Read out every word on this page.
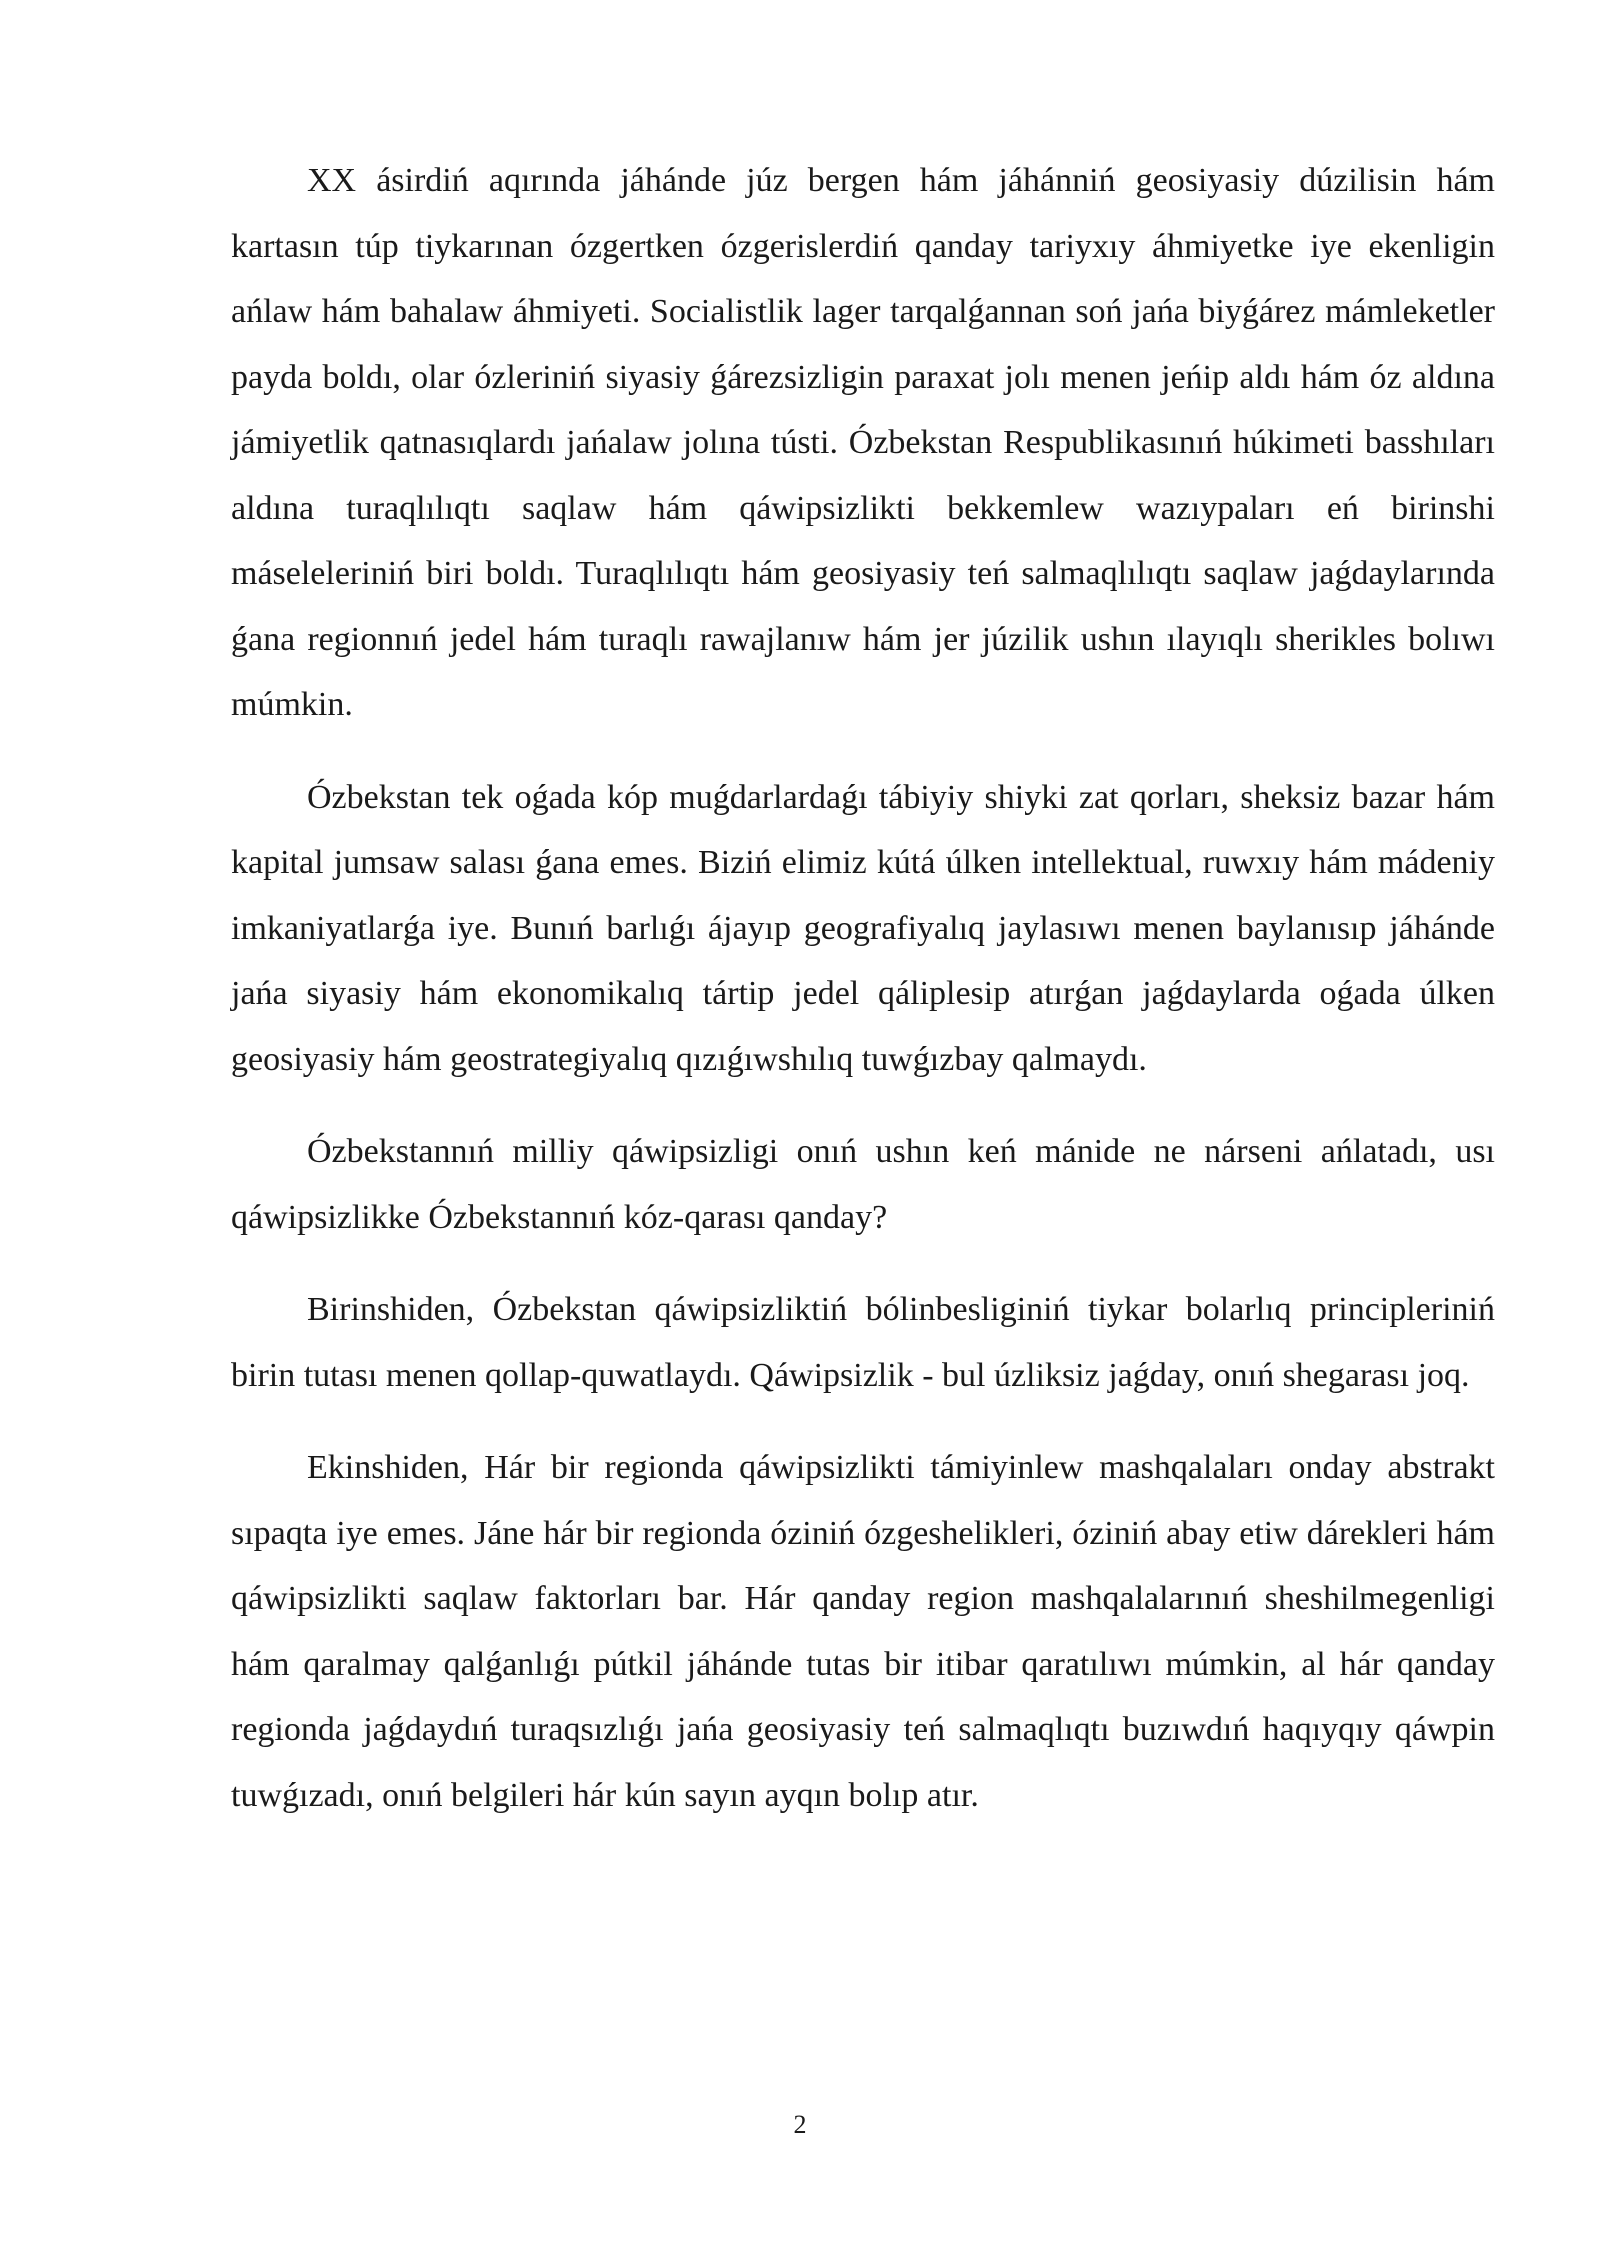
XX ásirdiń aqırında jáhánde júz bergen hám jáhánniń geosiyasiy dúzilisin hám kartasın túp tiykarınan ózgertken ózgerislerdiń qanday tariyxıy áhmiyetke iye ekenligin ańlaw hám bahalaw áhmiyeti. Socialistlik lager tarqalǵannan soń jańa biyǵárez mámleketler payda boldı, olar ózleriniń siyasiy ǵárezsizligin paraxat jolı menen jeńip aldı hám óz aldına jámiyetlik qatnasıqlardı jańalaw jolına tústi. Ózbekstan Respublikasınıń húkimeti basshıları aldına turaqlılıqtı saqlaw hám qáwipsizlikti bekkemlew wazıypaları eń birinshi máseleleriniń biri boldı. Turaqlılıqtı hám geosiyasiy teń salmaqlılıqtı saqlaw jaǵdaylarında ǵana regionnıń jedel hám turaqlı rawajlanıw hám jer júzilik ushın ılayıqlı sherikles bolıwı múmkin.

Ózbekstan tek oǵada kóp muǵdarlardaǵı tábiyiy shiyki zat qorları, sheksiz bazar hám kapital jumsaw salası ǵana emes. Biziń elimiz kútá úlken intellektual, ruwxıy hám mádeniy imkaniyatlarǵa iye. Bunıń barlıǵı ájayıp geografiyalıq jaylasıwı menen baylanısıp jáhánde jańa siyasiy hám ekonomikalıq tártip jedel qáliplesip atırǵan jaǵdaylarda oǵada úlken geosiyasiy hám geostrategiyalıq qızıǵıwshılıq tuwǵızbay qalmaydı.

Ózbekstannıń milliy qáwipsizligi onıń ushın keń mánide ne nárseni ańlatadı, usı qáwipsizlikke Ózbekstannıń kóz-qarası qanday?

Birinshiden, Ózbekstan qáwipsizliktiń bólinbesliginiń tiykar bolarlıq principleriniń birin tutası menen qollap-quwatlaydı. Qáwipsizlik - bul úzliksiz jaǵday, onıń shegarası joq.

Ekinshiden, Hár bir regionda qáwipsizlikti támiyinlew mashqalaları onday abstrakt sıpaqta iye emes. Jáne hár bir regionda óziniń ózgeshelikleri, óziniń abay etiw dárekleri hám qáwipsizlikti saqlaw faktorları bar. Hár qanday region mashqalalarınıń sheshilmegenligi hám qaralmay qalǵanlıǵı pútkil jáhánde tutas bir itibar qaratılıwı múmkin, al hár qanday regionda jaǵdaydıń turaqsızlıǵı jańa geosiyasiy teń salmaqlıqtı buzıwdıń haqıyqıy qáwpin tuwǵızadı, onıń belgileri hár kún sayın ayqın bolıp atır.

2
